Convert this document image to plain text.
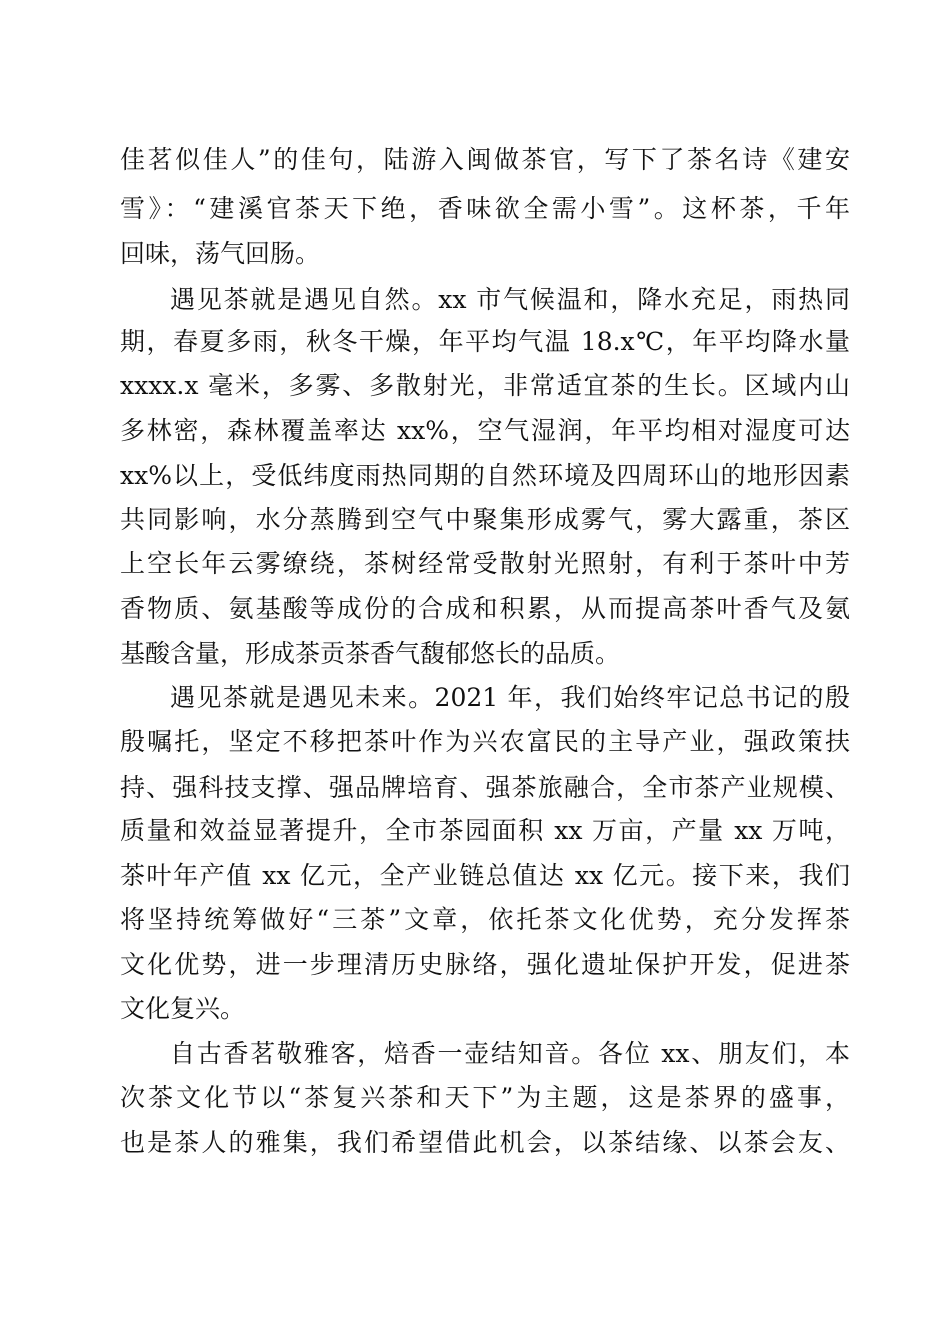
佳茗似佳人”的佳句，陆游入闽做茶官，写下了茶名诗《建安
雪》：“建溪官茶天下绝，香味欲全需小雪”。这杯茶，千年
回味，荡气回肠。
遇见茶就是遇见自然。xx 市气候温和，降水充足，雨热同
期，春夏多雨，秋冬干燥，年平均气温 18.x℃，年平均降水量
xxxx.x 毫米，多雾、多散射光，非常适宜茶的生长。区域内山
多林密，森林覆盖率达 xx%，空气湿润，年平均相对湿度可达
xx%以上，受低纬度雨热同期的自然环境及四周环山的地形因素
共同影响，水分蒸腾到空气中聚集形成雾气，雾大露重，茶区
上空长年云雾缭绕，茶树经常受散射光照射，有利于茶叶中芳
香物质、氨基酸等成份的合成和积累，从而提高茶叶香气及氨
基酸含量，形成茶贡茶香气馥郁悠长的品质。
遇见茶就是遇见未来。2021 年，我们始终牢记总书记的殷
殷嘱托，坚定不移把茶叶作为兴农富民的主导产业，强政策扶
持、强科技支撑、强品牌培育、强茶旅融合，全市茶产业规模、
质量和效益显著提升，全市茶园面积 xx 万亩，产量 xx 万吨，
茶叶年产值 xx 亿元，全产业链总值达 xx 亿元。接下来，我们
将坚持统筹做好“三茶”文章，依托茶文化优势，充分发挥茶
文化优势，进一步理清历史脉络，强化遗址保护开发，促进茶
文化复兴。
自古香茗敬雅客，焙香一壶结知音。各位 xx、朋友们，本
次茶文化节以“茶复兴茶和天下”为主题，这是茶界的盛事，
也是茶人的雅集，我们希望借此机会，以茶结缘、以茶会友、
